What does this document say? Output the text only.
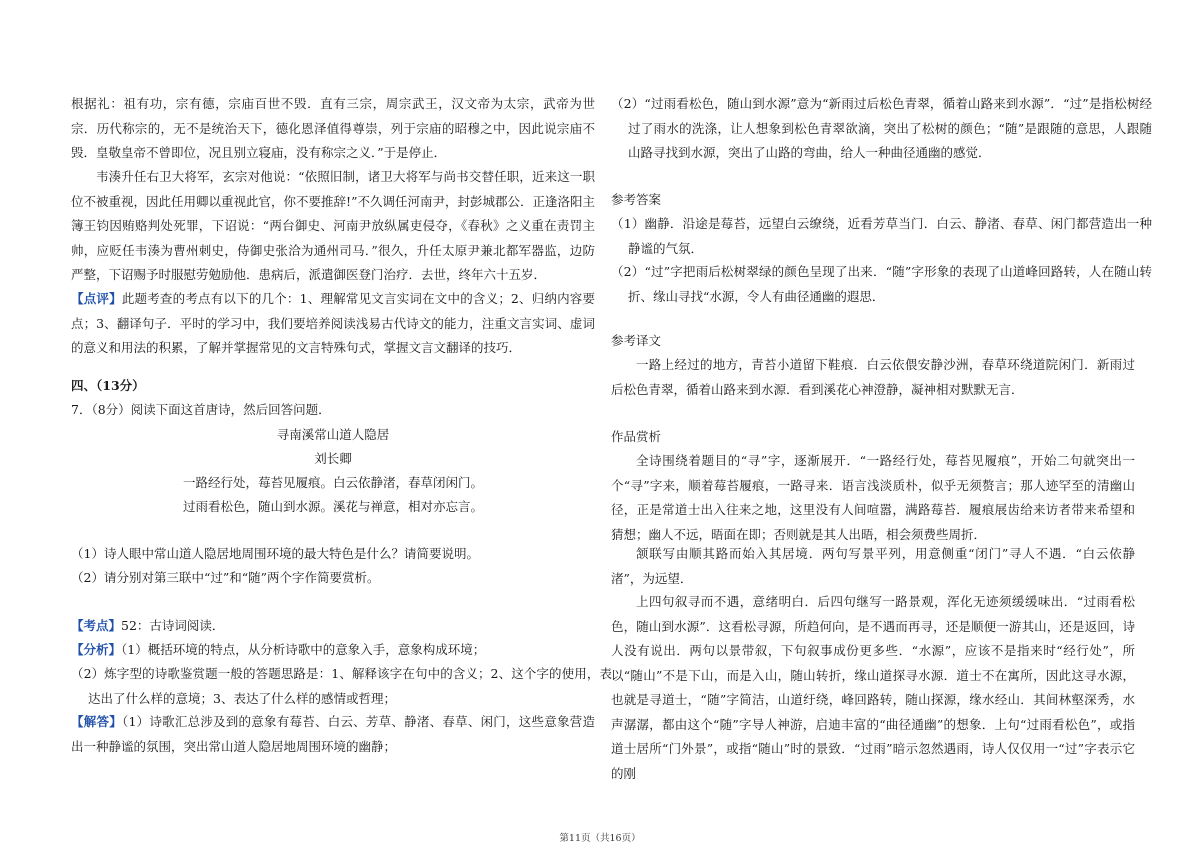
根据礼：祖有功，宗有德，宗庙百世不毁．直有三宗，周宗武王，汉文帝为太宗，武帝为世宗．历代称宗的，无不是统治天下，德化恩泽值得尊崇，列于宗庙的昭穆之中，因此说宗庙不毁．皇敬皇帝不曾即位，况且别立寝庙，没有称宗之义．”于是停止．

韦湊升任右卫大将军，玄宗对他说：“依照旧制，诸卫大将军与尚书交替任职，近来这一职位不被重视，因此任用卿以重视此官，你不要推辞!”不久调任河南尹，封彭城郡公．正逢洛阳主簿王钧因贿赂判处死罪，下诏说：“两台御史、河南尹放纵属吏侵夺，《春秋》之义重在责罚主帅，应贬任韦湊为曹州刺史，侍御史张洽为通州司马．”很久，升任太原尹兼北都军器监，边防严整，下诏赐予时服慰劳勉励他．患病后，派遣御医登门治疗．去世，终年六十五岁．

【点评】此题考查的考点有以下的几个：1、理解常见文言实词在文中的含义；2、归纳内容要点；3、翻译句子．平时的学习中，我们要培养阅读浅易古代诗文的能力，注重文言实词、虚词的意义和用法的积累，了解并掌握常见的文言特殊句式，掌握文言文翻译的技巧．

四、（13分）

7．（8分）阅读下面这首唐诗，然后回答问题．

寻南溪常山道人隐居

刘长卿

一路经行处，莓苔见履痕。白云依静渚，春草闭闲门。

过雨看松色，随山到水源。溪花与禅意，相对亦忘言。

（1）诗人眼中常山道人隐居地周围环境的最大特色是什么？请简要说明。

（2）请分别对第三联中“过”和“随”两个字作简要赏析。

【考点】52：古诗词阅读．

【分析】（1）概括环境的特点，从分析诗歌中的意象入手，意象构成环境；

（2）炼字型的诗歌鉴赏题一般的答题思路是：1、解释该字在句中的含义；2、这个字的使用，表达出了什么样的意境；3、表达了什么样的感情或哲理；

【解答】（1）诗歌汇总涉及到的意象有莓苔、白云、芳草、静渚、春草、闲门，这些意象营造出一种静谧的氛围，突出常山道人隐居地周围环境的幽静；

（2）“过雨看松色，随山到水源”意为“新雨过后松色青翠，循着山路来到水源”．“过”是指松树经过了雨水的洗涤，让人想象到松色青翠欲滴，突出了松树的颜色；“随”是跟随的意思，人跟随山路寻找到水源，突出了山路的弯曲，给人一种曲径通幽的感觉．

参考答案

（1）幽静．沿途是莓苔，远望白云缭绕，近看芳草当门．白云、静渚、春草、闲门都营造出一种静谧的气氛．

（2）“过”字把雨后松树翠绿的颜色呈现了出来．“随”字形象的表现了山道峰回路转，人在随山转折、缘山寻找“水源，令人有曲径通幽的遐思．

参考译文

一路上经过的地方，青苔小道留下鞋痕．白云依偎安静沙洲，春草环绕道院闲门．新雨过后松色青翠，循着山路来到水源．看到溪花心神澄静，凝神相对默默无言．

作品赏析

全诗围绕着题目的“寻”字，逐渐展开．“一路经行处，莓苔见履痕”，开始二句就突出一个“寻”字来，顺着莓苔履痕，一路寻来．语言浅淡质朴，似乎无须赘言；那人迹罕至的清幽山径，正是常道士出入往来之地，这里没有人间喧嚣，满路莓苔．履痕展齿给来访者带来希望和猜想；幽人不远，晤面在即；否则就是其人出晤，相会须费些周折．

颔联写由顺其路而始入其居境．两句写景平列，用意侧重“闭门”寻人不遇．“白云依静渚”，为远望．

上四句叙寻而不遇，意绪明白．后四句继写一路景观，浑化无迹须缓缓味出．“过雨看松色，随山到水源”．这看松寻源，所趋何向，是不遇而再寻，还是顺便一游其山，还是返回，诗人没有说出．两句以景带叙，下句叙事成份更多些．“水源”，应该不是指来时“经行处”，所以“随山”不是下山，而是入山，随山转折，缘山道探寻水源．道士不在寓所，因此这寻水源，也就是寻道士，“随”字简洁，山道纡绕，峰回路转，随山探源，缘水经山．其间林壑深秀，水声潺潺，都由这个“随”字导人神游，启迪丰富的“曲径通幽”的想象．上句“过雨看松色”，或指道士居所“门外景”，或指“随山”时的景致．“过雨”暗示忽然遇雨，诗人仅仅用一“过”字表示它的刚

第11页（共16页）
